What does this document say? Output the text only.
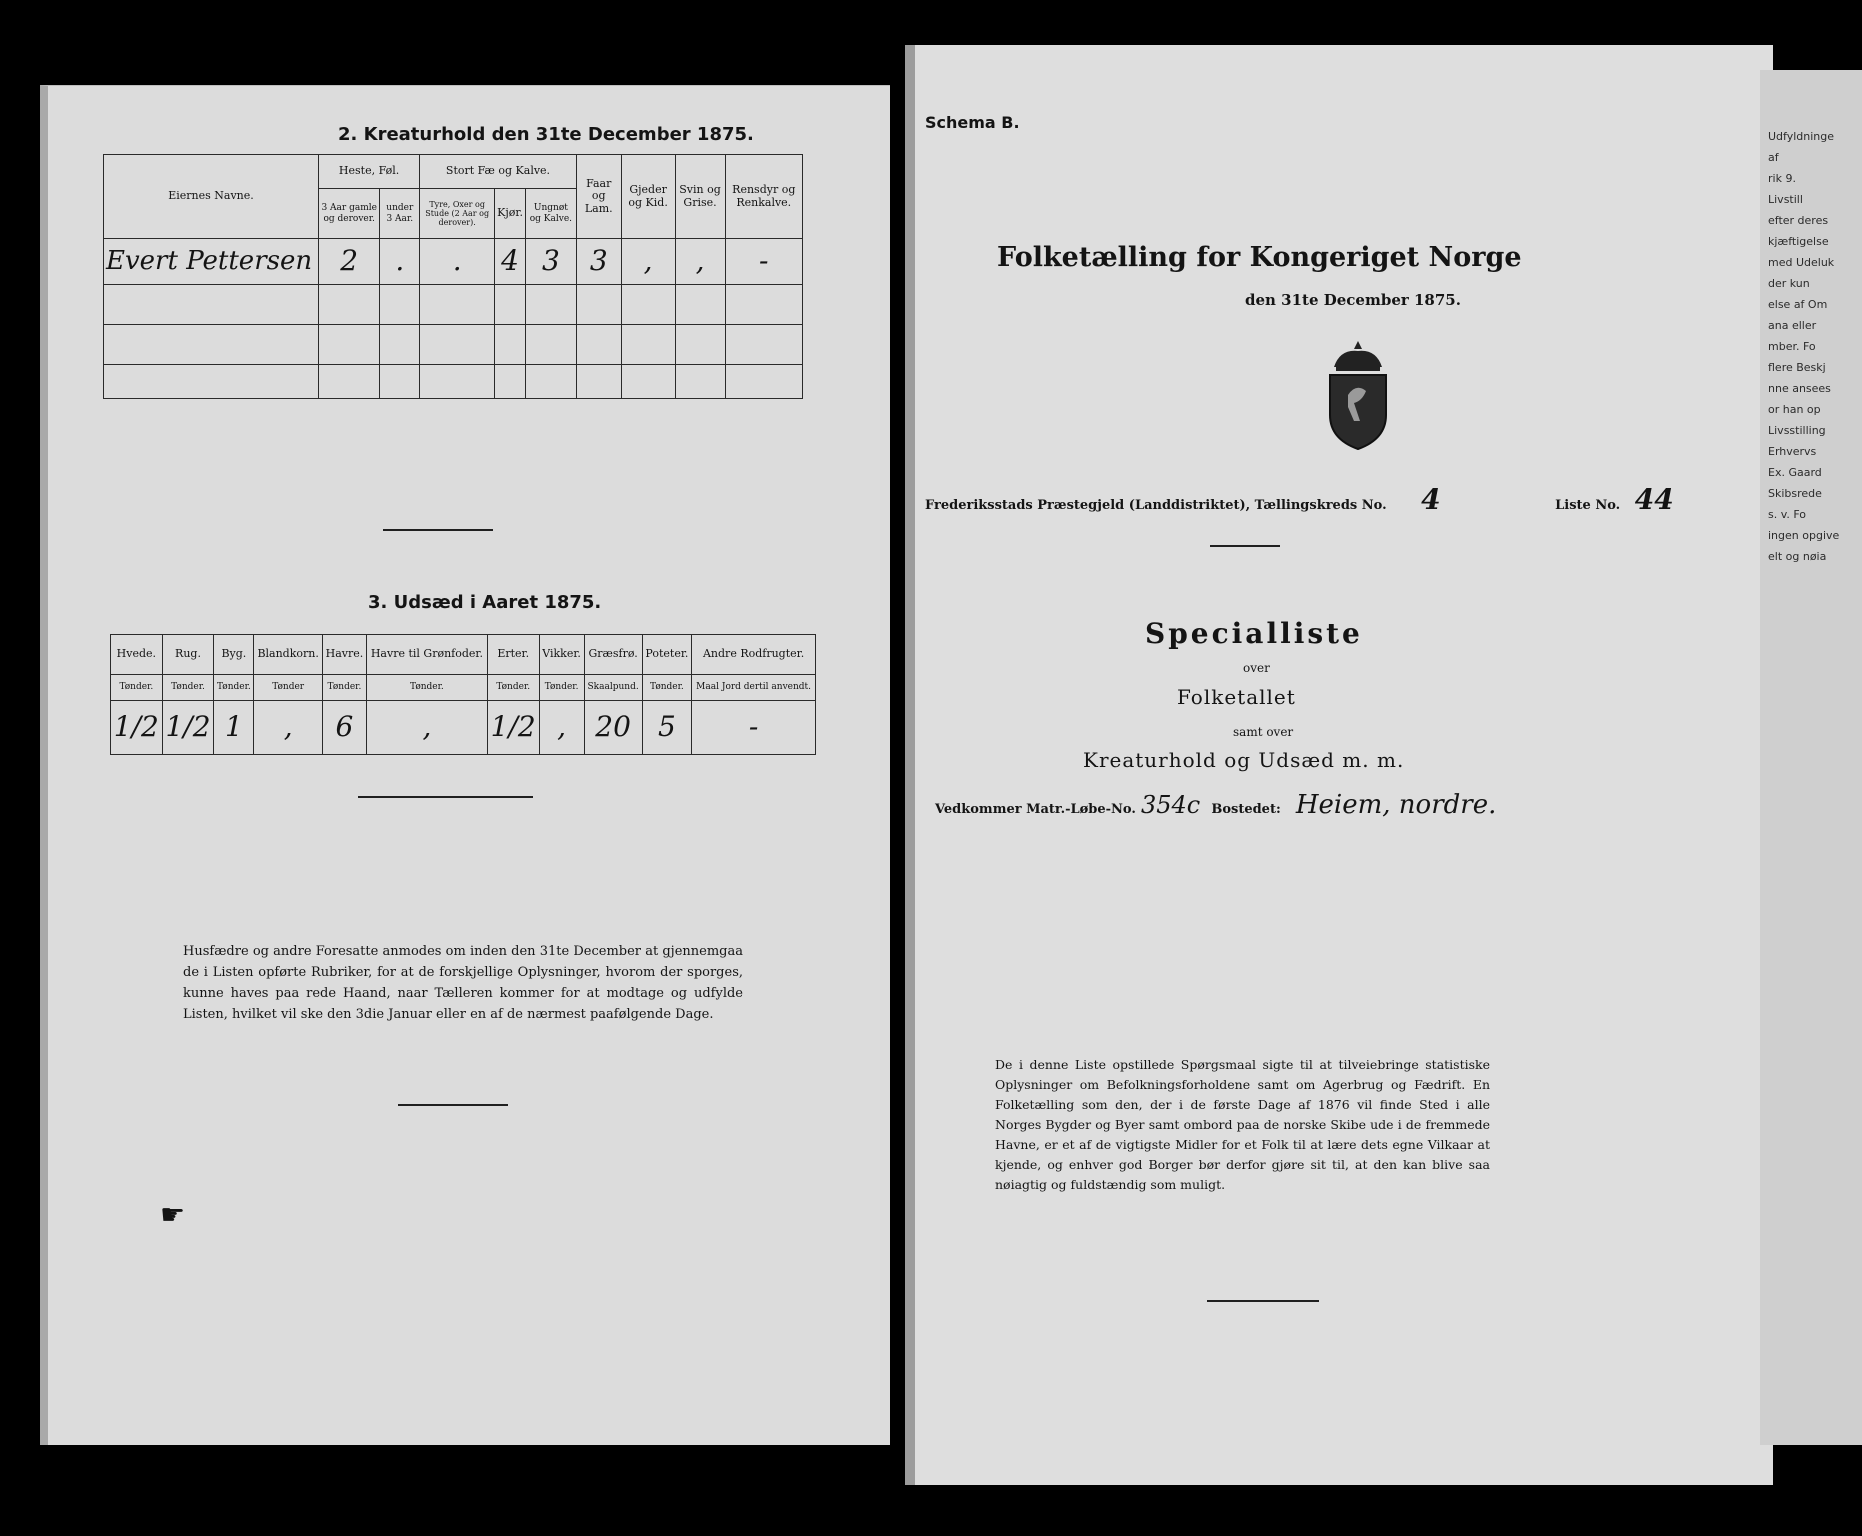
2. Kreaturhold den 31te December 1875.
Eiernes Navne.	Heste, Føl.		Stort Fæ og Kalve.			Faar og Lam.	Gjeder og Kid.	Svin og Grise.	Rensdyr og Renkalve.
	3 Aar gamle og derover.	under 3 Aar.	Tyre, Oxer og Stude (2 Aar og derover).	Kjør.	Ungnøt og Kalve.				
Evert Pettersen	2	.	.	4	3	3	,	,	-

3. Udsæd i Aaret 1875.
Hvede.	Rug.	Byg.	Blandkorn.	Havre.	Havre til Grønfoder.	Erter.	Vikker.	Græsfrø.	Poteter.	Andre Rodfrugter.
Tønder.	Tønder.	Tønder.	Tønder	Tønder.	Tønder.	Tønder.	Tønder.	Skaalpund.	Tønder.	Maal Jord dertil anvendt.
1/2	1/2	1	,	6	,	1/2	,	20	5	-
☛
Husfædre og andre Foresatte anmodes om inden den 31te December at gjennemgaa de i Listen opførte Rubriker, for at de forskjellige Oplysninger, hvorom der sporges, kunne haves paa rede Haand, naar Tælleren kommer for at modtage og udfylde Listen, hvilket vil ske den 3die Januar eller en af de nærmest paafølgende Dage.
Schema B.
Folketælling for Kongeriget Norge
den 31te December 1875.
Frederiksstads Præstegjeld (Landdistriktet), Tællingskreds No. 4	Liste No. 44
Specialliste
over
Folketallet
samt over
Kreaturhold og Udsæd m. m.
Vedkommer Matr.-Løbe-No. 354c Bostedet: Heiem, nordre.
De i denne Liste opstillede Spørgsmaal sigte til at tilveiebringe statistiske Oplysninger om Befolkningsforholdene samt om Agerbrug og Fædrift. En Folketælling som den, der i de første Dage af 1876 vil finde Sted i alle Norges Bygder og Byer samt ombord paa de norske Skibe ude i de fremmede Havne, er et af de vigtigste Midler for et Folk til at lære dets egne Vilkaar at kjende, og enhver god Borger bør derfor gjøre sit til, at den kan blive saa nøiagtig og fuldstændig som muligt.
Udfyldninge
af
rik 9.
Livstill
efter deres
kjæftigelse
med Udeluk
der kun
else af Om
ana eller
mber. Fo
flere Beskj
nne ansees
or han op
Livsstilling
Erhvervs
Ex. Gaard
Skibsrede
s. v. Fo
ingen opgive
elt og nøia
